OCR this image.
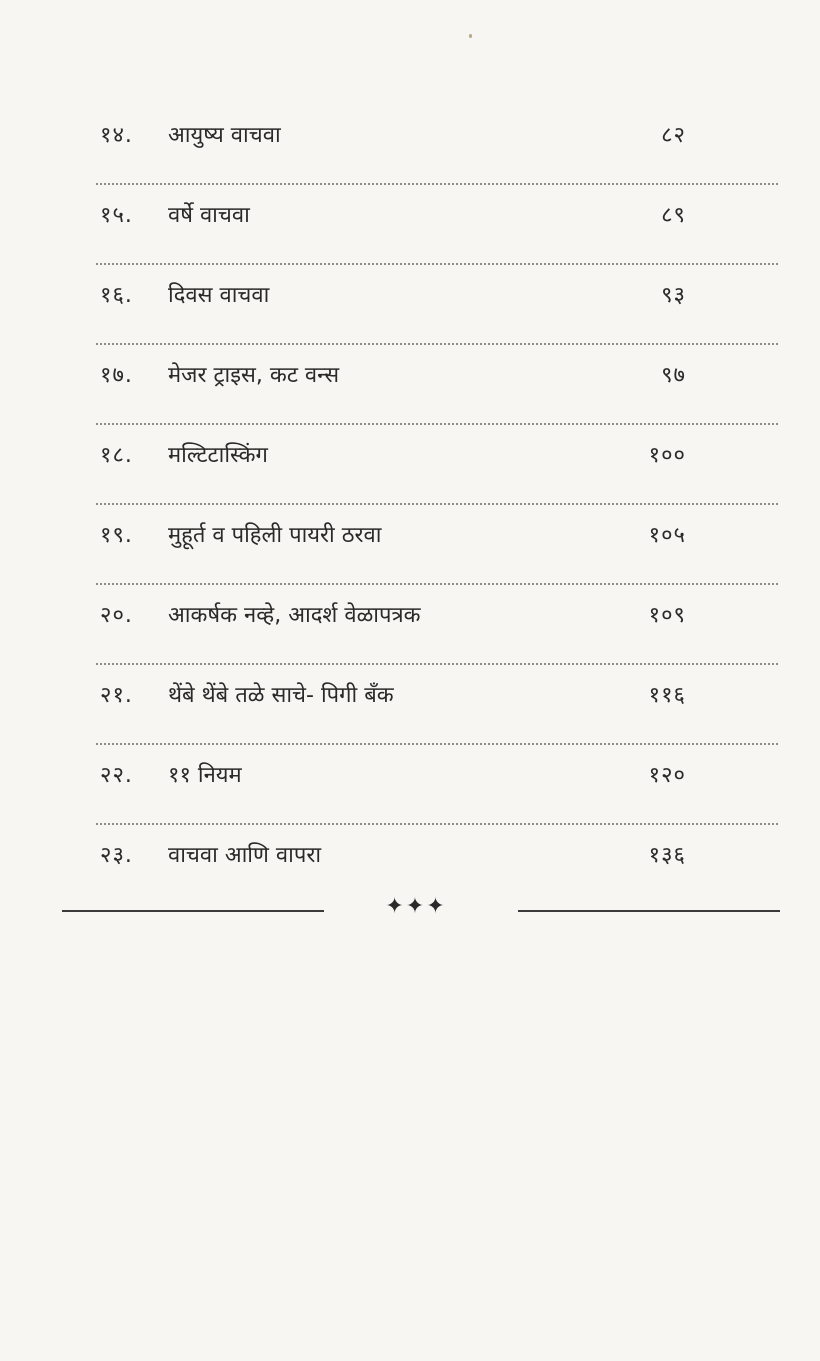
१४. आयुष्य वाचवा	८२
१५. वर्षे वाचवा	८९
१६. दिवस वाचवा	९३
१७. मेजर ट्राइस, कट वन्स	९७
१८. मल्टिटास्किंग	१००
१९. मुहूर्त व पहिली पायरी ठरवा	१०५
२०. आकर्षक नव्हे, आदर्श वेळापत्रक	१०९
२१. थेंबे थेंबे तळे साचे- पिगी बँक	११६
२२. ११ नियम	१२०
२३. वाचवा आणि वापरा	१३६
✦✦✦
